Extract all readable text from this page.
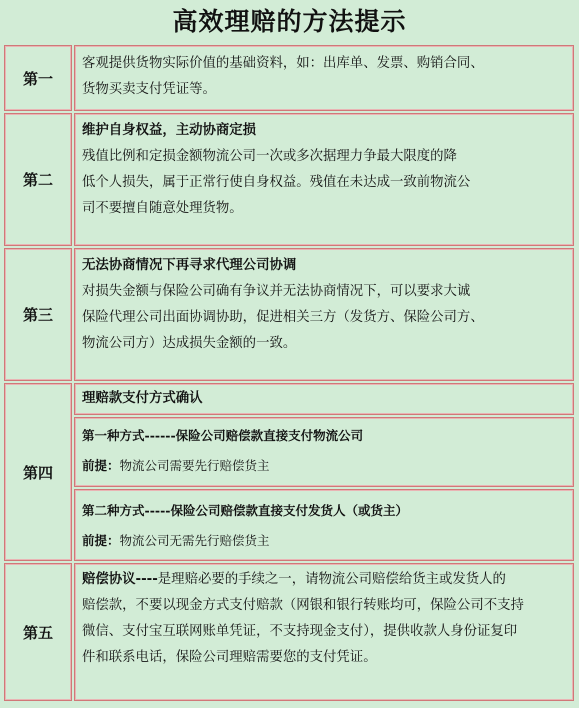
高效理赔的方法提示
第一

客观提供货物实际价值的基础资料，如：出库单、发票、购销合同、

货物买卖支付凭证等。

第二

维护自身权益，主动协商定损

残值比例和定损金额物流公司一次或多次据理力争最大限度的降

低个人损失，属于正常行使自身权益。残值在未达成一致前物流公

司不要擅自随意处理货物。

第三

无法协商情况下再寻求代理公司协调

对损失金额与保险公司确有争议并无法协商情况下，可以要求大诚

保险代理公司出面协调协助，促进相关三方（发货方、保险公司方、

物流公司方）达成损失金额的一致。

第四

理赔款支付方式确认

第一种方式------保险公司赔偿款直接支付物流公司

前提：物流公司需要先行赔偿货主

第二种方式-----保险公司赔偿款直接支付发货人（或货主）

前提：物流公司无需先行赔偿货主

第五

赔偿协议----是理赔必要的手续之一，请物流公司赔偿给货主或发货人的

赔偿款，不要以现金方式支付赔款（网银和银行转账均可，保险公司不支持

微信、支付宝互联网账单凭证，不支持现金支付），提供收款人身份证复印

件和联系电话，保险公司理赔需要您的支付凭证。
